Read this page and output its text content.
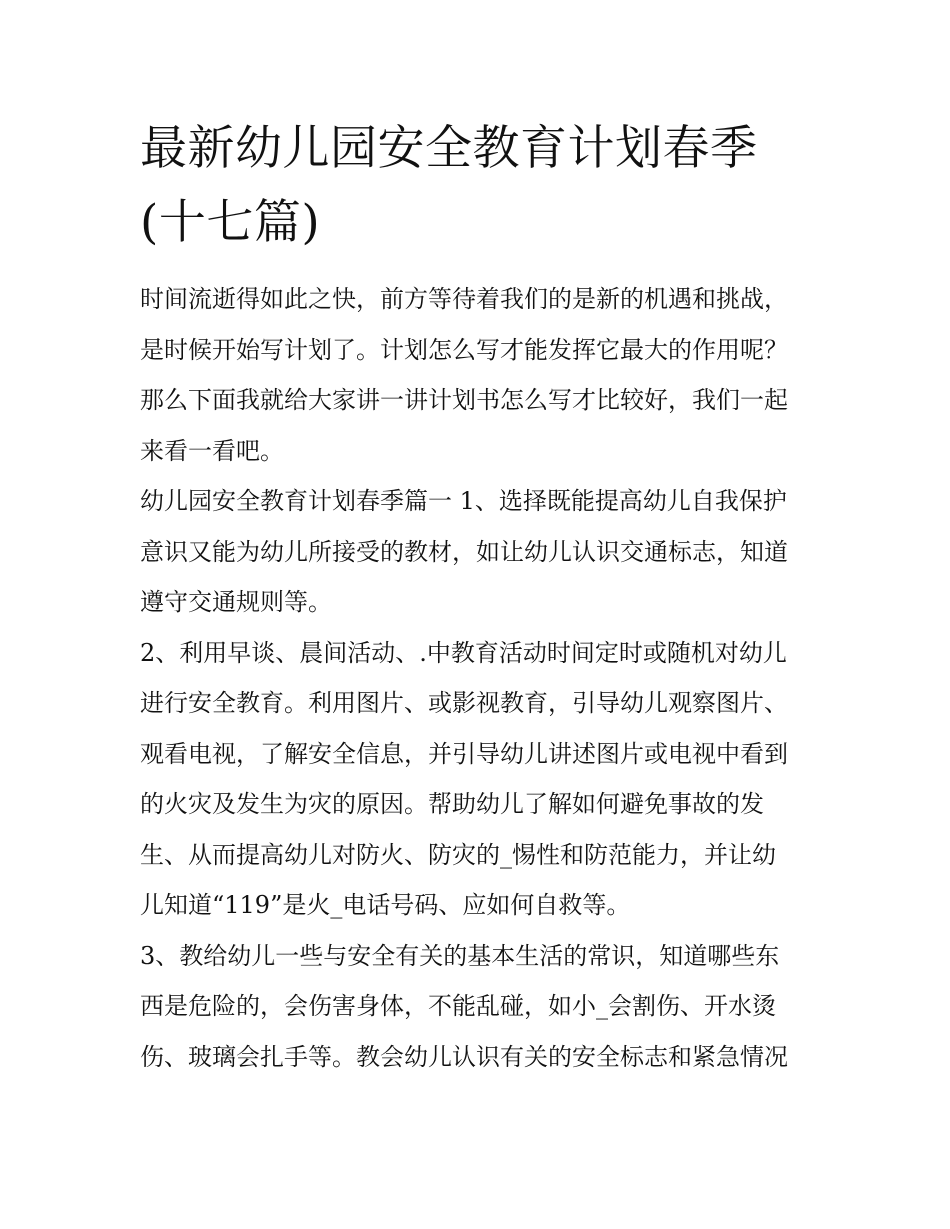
最新幼儿园安全教育计划春季
(十七篇)
时间流逝得如此之快，前方等待着我们的是新的机遇和挑战，
是时候开始写计划了。计划怎么写才能发挥它最大的作用呢？
那么下面我就给大家讲一讲计划书怎么写才比较好，我们一起
来看一看吧。
幼儿园安全教育计划春季篇一 1、选择既能提高幼儿自我保护
意识又能为幼儿所接受的教材，如让幼儿认识交通标志，知道
遵守交通规则等。
2、利用早谈、晨间活动、.中教育活动时间定时或随机对幼儿
进行安全教育。利用图片、或影视教育，引导幼儿观察图片、
观看电视，了解安全信息，并引导幼儿讲述图片或电视中看到
的火灾及发生为灾的原因。帮助幼儿了解如何避免事故的发
生、从而提高幼儿对防火、防灾的_惕性和防范能力，并让幼
儿知道“119”是火_电话号码、应如何自救等。
3、教给幼儿一些与安全有关的基本生活的常识，知道哪些东
西是危险的，会伤害身体，不能乱碰，如小_会割伤、开水烫
伤、玻璃会扎手等。教会幼儿认识有关的安全标志和紧急情况
